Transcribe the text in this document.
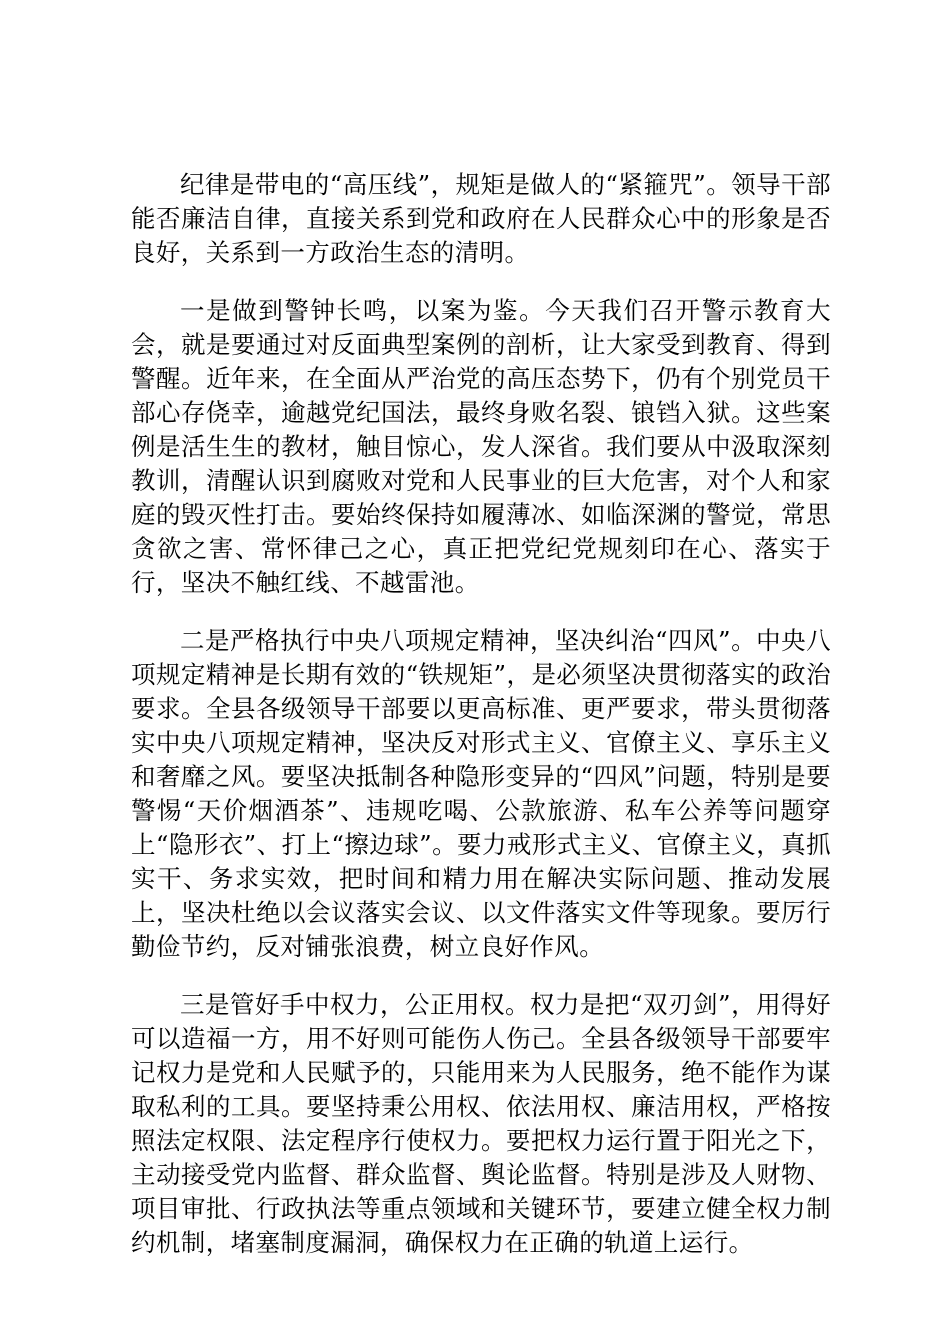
纪律是带电的“高压线”，规矩是做人的“紧箍咒”。领导干部能否廉洁自律，直接关系到党和政府在人民群众心中的形象是否良好，关系到一方政治生态的清明。

一是做到警钟长鸣，以案为鉴。今天我们召开警示教育大会，就是要通过对反面典型案例的剖析，让大家受到教育、得到警醒。近年来，在全面从严治党的高压态势下，仍有个别党员干部心存侥幸，逾越党纪国法，最终身败名裂、锒铛入狱。这些案例是活生生的教材，触目惊心，发人深省。我们要从中汲取深刻教训，清醒认识到腐败对党和人民事业的巨大危害，对个人和家庭的毁灭性打击。要始终保持如履薄冰、如临深渊的警觉，常思贪欲之害、常怀律己之心，真正把党纪党规刻印在心、落实于行，坚决不触红线、不越雷池。

二是严格执行中央八项规定精神，坚决纠治“四风”。中央八项规定精神是长期有效的“铁规矩”，是必须坚决贯彻落实的政治要求。全县各级领导干部要以更高标准、更严要求，带头贯彻落实中央八项规定精神，坚决反对形式主义、官僚主义、享乐主义和奢靡之风。要坚决抵制各种隐形变异的“四风”问题，特别是要警惕“天价烟酒茶”、违规吃喝、公款旅游、私车公养等问题穿上“隐形衣”、打上“擦边球”。要力戒形式主义、官僚主义，真抓实干、务求实效，把时间和精力用在解决实际问题、推动发展上，坚决杜绝以会议落实会议、以文件落实文件等现象。要厉行勤俭节约，反对铺张浪费，树立良好作风。

三是管好手中权力，公正用权。权力是把“双刃剑”，用得好可以造福一方，用不好则可能伤人伤己。全县各级领导干部要牢记权力是党和人民赋予的，只能用来为人民服务，绝不能作为谋取私利的工具。要坚持秉公用权、依法用权、廉洁用权，严格按照法定权限、法定程序行使权力。要把权力运行置于阳光之下，主动接受党内监督、群众监督、舆论监督。特别是涉及人财物、项目审批、行政执法等重点领域和关键环节，要建立健全权力制约机制，堵塞制度漏洞，确保权力在正确的轨道上运行。
